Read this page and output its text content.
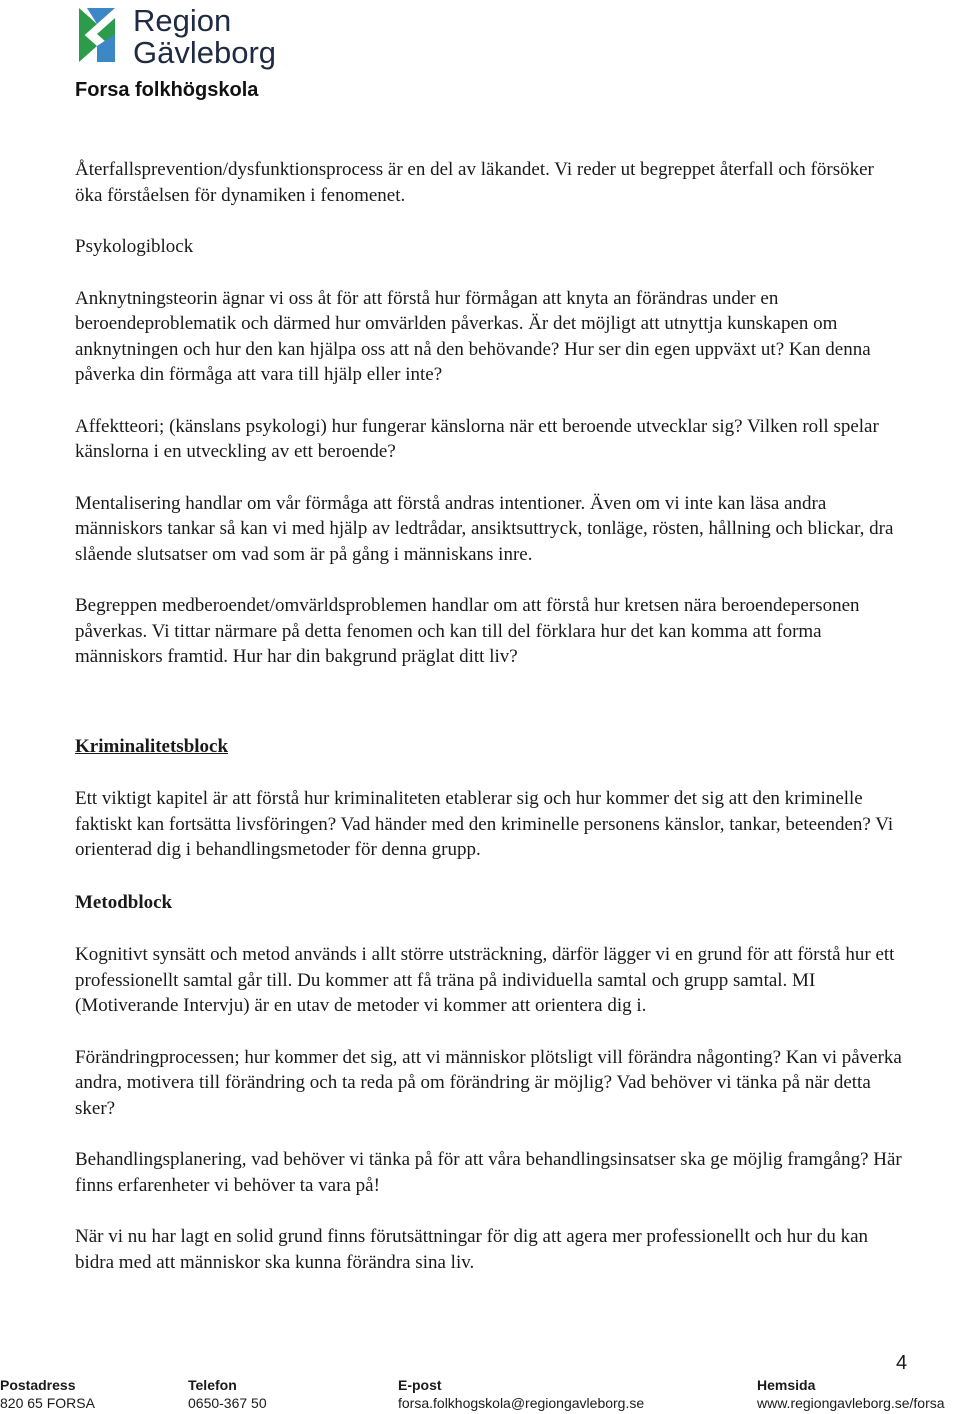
Region
Gävleborg
Forsa folkhögskola

Återfallsprevention/dysfunktionsprocess är en del av läkandet. Vi reder ut begreppet återfall och försöker öka förståelsen för dynamiken i fenomenet.

Psykologiblock

Anknytningsteorin ägnar vi oss åt för att förstå hur förmågan att knyta an förändras under en beroendeproblematik och därmed hur omvärlden påverkas. Är det möjligt att utnyttja kunskapen om anknytningen och hur den kan hjälpa oss att nå den behövande? Hur ser din egen uppväxt ut? Kan denna påverka din förmåga att vara till hjälp eller inte?

Affektteori; (känslans psykologi) hur fungerar känslorna när ett beroende utvecklar sig? Vilken roll spelar känslorna i en utveckling av ett beroende?

Mentalisering handlar om vår förmåga att förstå andras intentioner. Även om vi inte kan läsa andra människors tankar så kan vi med hjälp av ledtrådar, ansiktsuttryck, tonläge, rösten, hållning och blickar, dra slående slutsatser om vad som är på gång i människans inre.

Begreppen medberoendet/omvärldsproblemen handlar om att förstå hur kretsen nära beroendepersonen påverkas. Vi tittar närmare på detta fenomen och kan till del förklara hur det kan komma att forma människors framtid. Hur har din bakgrund präglat ditt liv?

Kriminalitetsblock

Ett viktigt kapitel är att förstå hur kriminaliteten etablerar sig och hur kommer det sig att den kriminelle faktiskt kan fortsätta livsföringen? Vad händer med den kriminelle personens känslor, tankar, beteenden? Vi orienterad dig i behandlingsmetoder för denna grupp.

Metodblock

Kognitivt synsätt och metod används i allt större utsträckning, därför lägger vi en grund för att förstå hur ett professionellt samtal går till. Du kommer att få träna på individuella samtal och grupp samtal. MI (Motiverande Intervju) är en utav de metoder vi kommer att orientera dig i.

Förändringprocessen; hur kommer det sig, att vi människor plötsligt vill förändra någonting? Kan vi påverka andra, motivera till förändring och ta reda på om förändring är möjlig? Vad behöver vi tänka på när detta sker?

Behandlingsplanering, vad behöver vi tänka på för att våra behandlingsinsatser ska ge möjlig framgång? Här finns erfarenheter vi behöver ta vara på!

När vi nu har lagt en solid grund finns förutsättningar för dig att agera mer professionellt och hur du kan bidra med att människor ska kunna förändra sina liv.

4
Postadress
820 65 FORSA
Telefon
0650-367 50
E-post
forsa.folkhogskola@regiongavleborg.se
Hemsida
www.regiongavleborg.se/forsa
